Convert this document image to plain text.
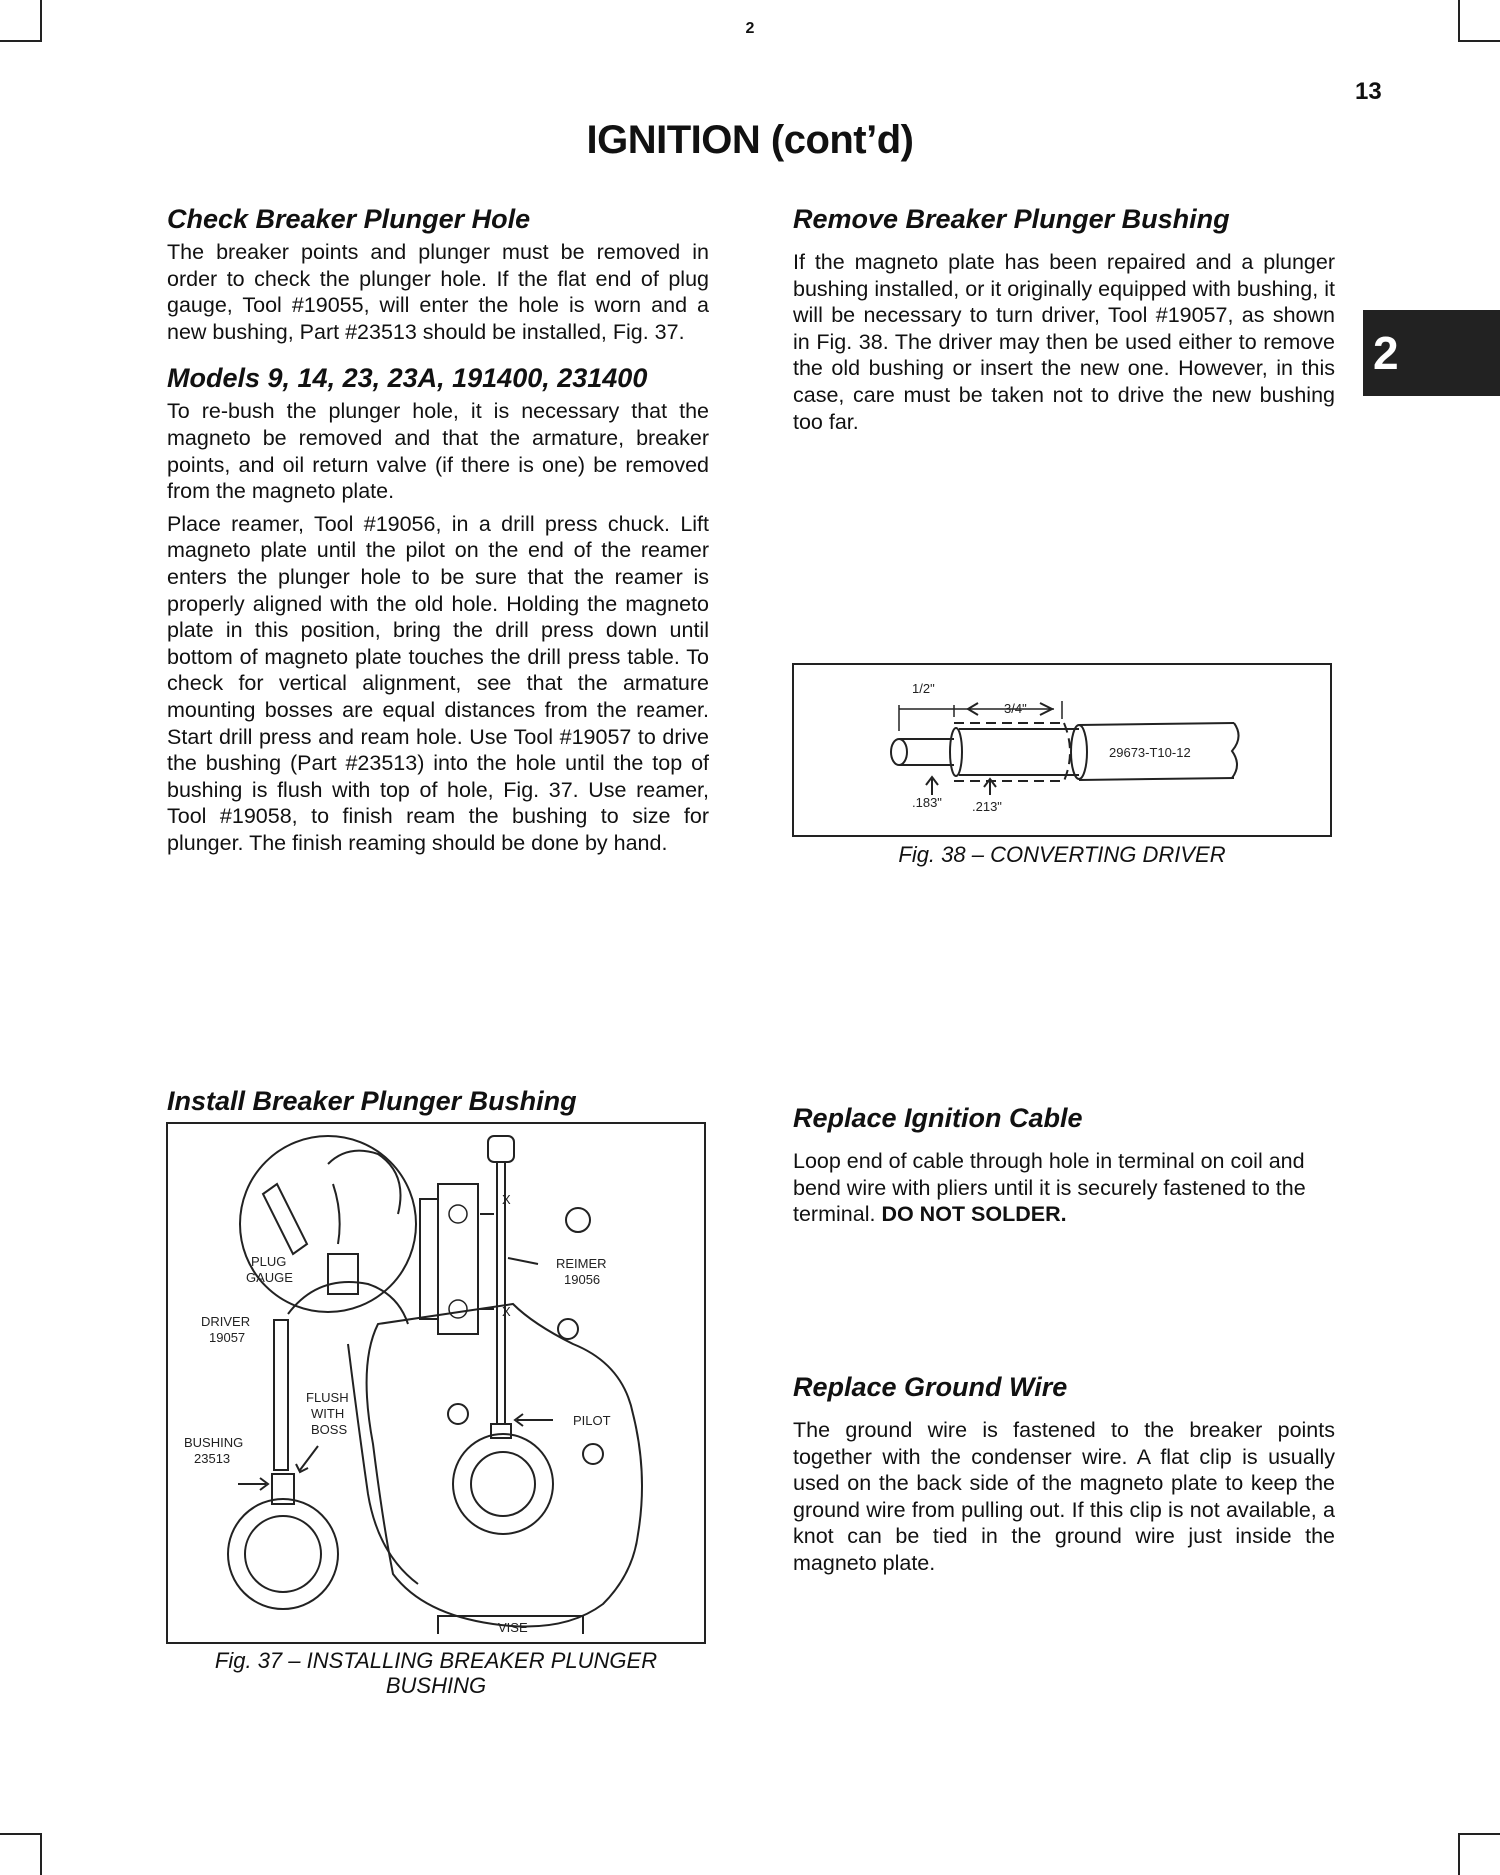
2
13
IGNITION (cont’d)
2
Check Breaker Plunger Hole

The breaker points and plunger must be removed in order to check the plunger hole. If the flat end of plug gauge, Tool #19055, will enter the hole is worn and a new bushing, Part #23513 should be installed, Fig. 37.

Models 9, 14, 23, 23A, 191400, 231400

To re-bush the plunger hole, it is necessary that the magneto be removed and that the armature, breaker points, and oil return valve (if there is one) be removed from the magneto plate.

Place reamer, Tool #19056, in a drill press chuck. Lift magneto plate until the pilot on the end of the reamer enters the plunger hole to be sure that the reamer is properly aligned with the old hole. Holding the magneto plate in this position, bring the drill press down until bottom of magneto plate touches the drill press table. To check for vertical alignment, see that the armature mounting bosses are equal distances from the reamer. Start drill press and ream hole. Use Tool #19057 to drive the bushing (Part #23513) into the hole until the top of bushing is flush with top of hole, Fig. 37. Use reamer, Tool #19058, to finish ream the bushing to size for plunger. The finish reaming should be done by hand.

Remove Breaker Plunger Bushing

If the magneto plate has been repaired and a plunger bushing installed, or it originally equipped with bushing, it will be necessary to turn driver, Tool #19057, as shown in Fig. 38. The driver may then be used either to remove the old bushing or insert the new one. However, in this case, care must be taken not to drive the new bushing too far.

1/2"
3/4"
29673-T10-12
.183" .213"
Fig. 38 – CONVERTING DRIVER
Install Breaker Plunger Bushing
X
X
PLUG
GAUGE
DRIVER
19057
REIMER
19056
FLUSH
WITH
BOSS
PILOT
BUSHING
23513
VISE
Fig. 37 – INSTALLING BREAKER PLUNGER
BUSHING
Replace Ignition Cable

Loop end of cable through hole in terminal on coil and bend wire with pliers until it is securely fastened to the terminal. DO NOT SOLDER.

Replace Ground Wire

The ground wire is fastened to the breaker points together with the condenser wire. A flat clip is usually used on the back side of the magneto plate to keep the ground wire from pulling out. If this clip is not available, a knot can be tied in the ground wire just inside the magneto plate.
